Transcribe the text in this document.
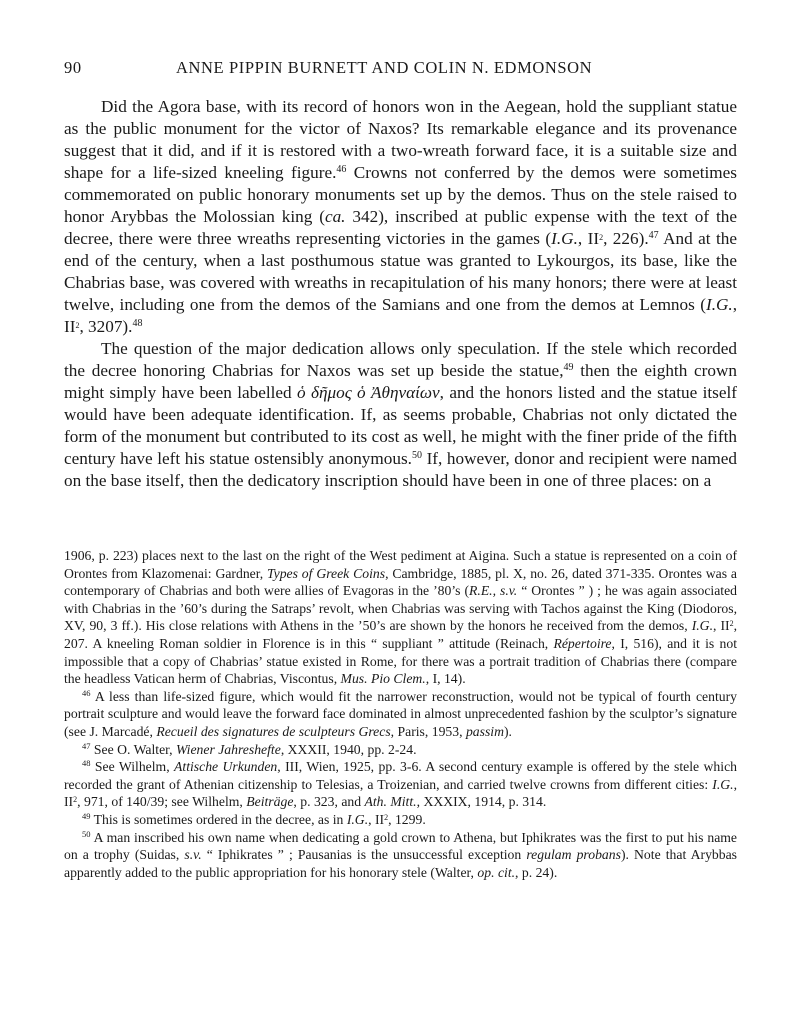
90	ANNE PIPPIN BURNETT AND COLIN N. EDMONSON

Did the Agora base, with its record of honors won in the Aegean, hold the suppliant statue as the public monument for the victor of Naxos? Its remarkable elegance and its provenance suggest that it did, and if it is restored with a two-wreath forward face, it is a suitable size and shape for a life-sized kneeling figure.$^{46}$ Crowns not conferred by the demos were sometimes commemorated on public honorary monuments set up by the demos. Thus on the stele raised to honor Arybbas the Molossian king (ca. 342), inscribed at public expense with the text of the decree, there were three wreaths representing victories in the games (I.G., $II^2$, 226).$^{47}$ And at the end of the century, when a last posthumous statue was granted to Lykourgos, its base, like the Chabrias base, was covered with wreaths in recapitulation of his many honors; there were at least twelve, including one from the demos of the Samians and one from the demos at Lemnos (I.G., $II^2$, 3207).$^{48}$

The question of the major dedication allows only speculation. If the stele which recorded the decree honoring Chabrias for Naxos was set up beside the statue,$^{49}$ then the eighth crown might simply have been labelled ὁ δῆμος ὁ Ἀθηναίων, and the honors listed and the statue itself would have been adequate identification. If, as seems probable, Chabrias not only dictated the form of the monument but contributed to its cost as well, he might with the finer pride of the fifth century have left his statue ostensibly anonymous.$^{50}$ If, however, donor and recipient were named on the base itself, then the dedicatory inscription should have been in one of three places: on a

1906, p. 223) places next to the last on the right of the West pediment at Aigina. Such a statue is represented on a coin of Orontes from Klazomenai: Gardner, Types of Greek Coins, Cambridge, 1885, pl. X, no. 26, dated 371-335. Orontes was a contemporary of Chabrias and both were allies of Evagoras in the ’80’s (R.E., s.v. “ Orontes ” ) ; he was again associated with Chabrias in the ’60’s during the Satraps’ revolt, when Chabrias was serving with Tachos against the King (Diodoros, XV, 90, 3 ff.). His close relations with Athens in the ’50’s are shown by the honors he received from the demos, I.G., $II^2$, 207. A kneeling Roman soldier in Florence is in this “ suppliant ” attitude (Reinach, Répertoire, I, 516), and it is not impossible that a copy of Chabrias’ statue existed in Rome, for there was a portrait tradition of Chabrias there (compare the headless Vatican herm of Chabrias, Viscontus, Mus. Pio Clem., I, 14).

$^{46}$ A less than life-sized figure, which would fit the narrower reconstruction, would not be typical of fourth century portrait sculpture and would leave the forward face dominated in almost unprecedented fashion by the sculptor’s signature (see J. Marcadé, Recueil des signatures de sculpteurs Grecs, Paris, 1953, passim).

$^{47}$ See O. Walter, Wiener Jahreshefte, XXXII, 1940, pp. 2-24.

$^{48}$ See Wilhelm, Attische Urkunden, III, Wien, 1925, pp. 3-6. A second century example is offered by the stele which recorded the grant of Athenian citizenship to Telesias, a Troizenian, and carried twelve crowns from different cities: I.G., $II^2$, 971, of 140/39; see Wilhelm, Beiträge, p. 323, and Ath. Mitt., XXXIX, 1914, p. 314.

$^{49}$ This is sometimes ordered in the decree, as in I.G., $II^2$, 1299.

$^{50}$ A man inscribed his own name when dedicating a gold crown to Athena, but Iphikrates was the first to put his name on a trophy (Suidas, s.v. “ Iphikrates ” ; Pausanias is the unsuccessful exception regulam probans). Note that Arybbas apparently added to the public appropriation for his honorary stele (Walter, op. cit., p. 24).
